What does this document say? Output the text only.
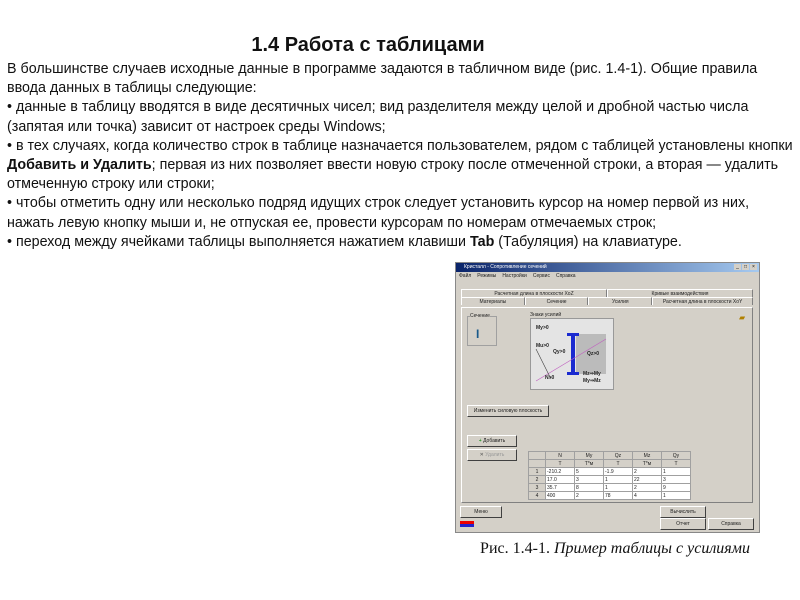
1.4 Работа с таблицами

В большинстве случаев исходные данные в программе задаются в табличном виде (рис. 1.4-1). Общие правила ввода данных в таблицы следующие:

• данные в таблицу вводятся в виде десятичных чисел; вид разделителя между целой и дробной частью числа (запятая или точка) зависит от настроек среды Windows;

• в тех случаях, когда количество строк в таблице назначается пользователем, рядом с таблицей установлены кнопки Добавить и Удалить; первая из них позволяет ввести новую строку после отмеченной строки, а вторая — удалить отмеченную строку или строки;

• чтобы отметить одну или несколько подряд идущих строк следует установить курсор на номер первой из них, нажать левую кнопку мыши и, не отпуская ее, провести курсорам по номерам отмечаемых строк;

• переход между ячейками таблицы выполняется нажатием клавиши Tab (Табуляция) на клавиатуре.

Кристалл - Сопротивление сечений	_	□	×
Файл Режимы Настройки Сервис Справка
Расчетная длина в плоскости XoZ	Кривые взаимодействия
Материалы	Сечение	Усилия	Расчетная длина в плоскости XoY
Сечение
I
Знаки усилий
My>0
Mu>0
Qy>0	Qz>0
N>0
Mz⇒My
My⇒Mz
▰
Изменить силовую плоскость
+ Добавить
✕ Удалить
		N	My	Qz	Mz	Qy
	Т	Т*м	Т	Т*м	Т
1	-210.2	5	-1.9	2	1
2	17.0	3	1	22	3
3	35.7	8	1	2	9
4	400	2	78	4	1
Меню	Вычислить
Отчет	Справка
Рис. 1.4-1. Пример таблицы с усилиями
